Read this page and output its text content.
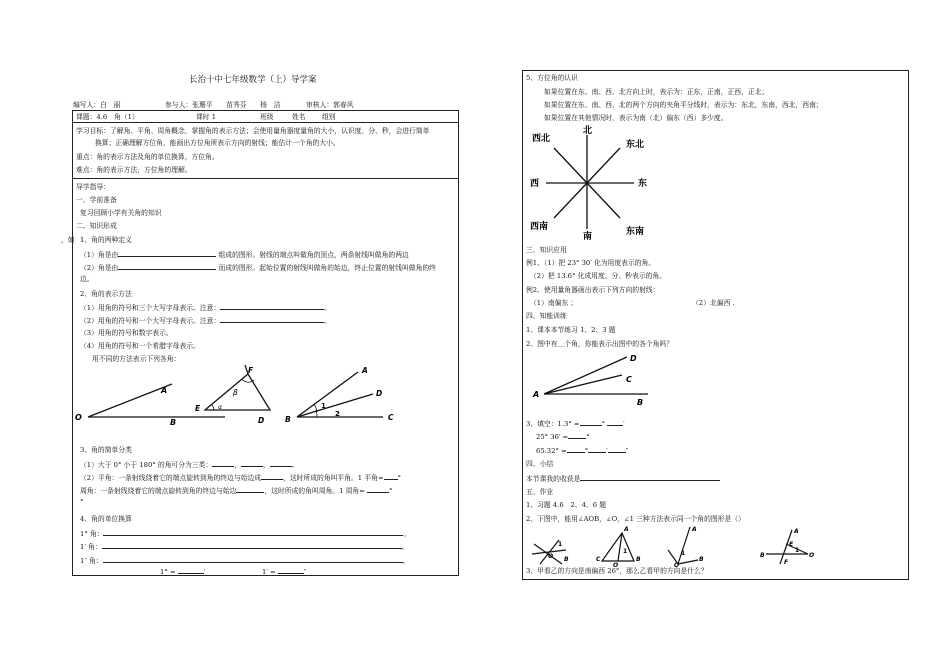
长治十中七年级数学（上）导学案
编写人：白　丽	参与人：张珊平　　苗秀芬　　杨　洁	审核人：郭春风
课题：4.6　角（1）	课时 1	班级	姓名 组别
学习目标：了解角、平角、周角概念，掌握角的表示方法；会使用量角器度量角的大小，认识度、分、秒，会进行简单
换算；正确理解方位角，能画出方位角所表示方向的射线；能估计一个角的大小。
重点：角的表示方法及角的单位换算，方位角。
难点：角的表示方法，方位角的理解。
导学指导：
一、学前准备
复习回顾小学有关角的知识
二、知识形成
，如 1、角的两种定义
（1）角是由	组成的图形。射线的端点叫做角的顶点，两条射线叫做角的两边
（2）角是由	而成的图形。起始位置的射线叫做角的始边，终止位置的射线叫做角的终
边。
2、角的表示方法
（1）用角的符号和三个大写字母表示。注意：	。
（2）用角的符号和一个大写字母表示。注意：	。
（3）用角的符号和数字表示。
（4）用角的符号和一个希腊字母表示。
用不同的方法表示下列各角：
O
A
B
F
β
α
E
D
1
2
B
A
D
C
3、角的简单分类
（1）大于 0° 小于 180° 的角可分为三类：	，	，	。
（2）平角：一条射线绕着它的端点旋转到角的终边与始边成	，这时所成的角叫平角。1 平角= °
周角：一条射线绕着它的端点旋转到角的终边与始边	，这时所成的角叫周角。1 周角=	°
°
4、角的单位换算
1° 角：	。
1′ 角：	。
1″ 角：	。
1° =	′	1′ =	″
5、方位角的认识
如果位置在东、南、西、北方向上时，表示为：正东，正南，正西，正北；
如果位置在东、南、西、北的两个方向的夹角平分线时，表示为：东北，东南，西北，西南；
如果位置在其他情况时，表示为南（北）偏东（西）多少度。
北
南
东
西
东北
西北
东南
西南
三、知识应用
例1、（1）把 23° 30′ 化为用度表示的角。
（2）把 13.6° 化成用度、分、秒表示的角。
例2、使用量角器画出表示下列方向的射线：
（1）南偏东 ；	（2）北偏西 .
四、知能训练
1、课本本节练习 1、2、3 题
2、图中有＿个角，你能表示出图中的各个角吗？
A
C
D
B
3、填空：1.3° =	°	′
25° 36′ =	°
65.32° =	°	′	″
四、小结
本节课我的收获是
五、作业
1、习题 4.6　2、4、6 题
2、下图中，能用∠AOB，∠O，∠1 三种方法表示同一个角的图形是（）
O B
1
C
A
B
O
1
O
A
B
1	B
A
E
O
F
1
3、甲看乙的方向是南偏西 26°，那么乙看甲的方向是什么？
